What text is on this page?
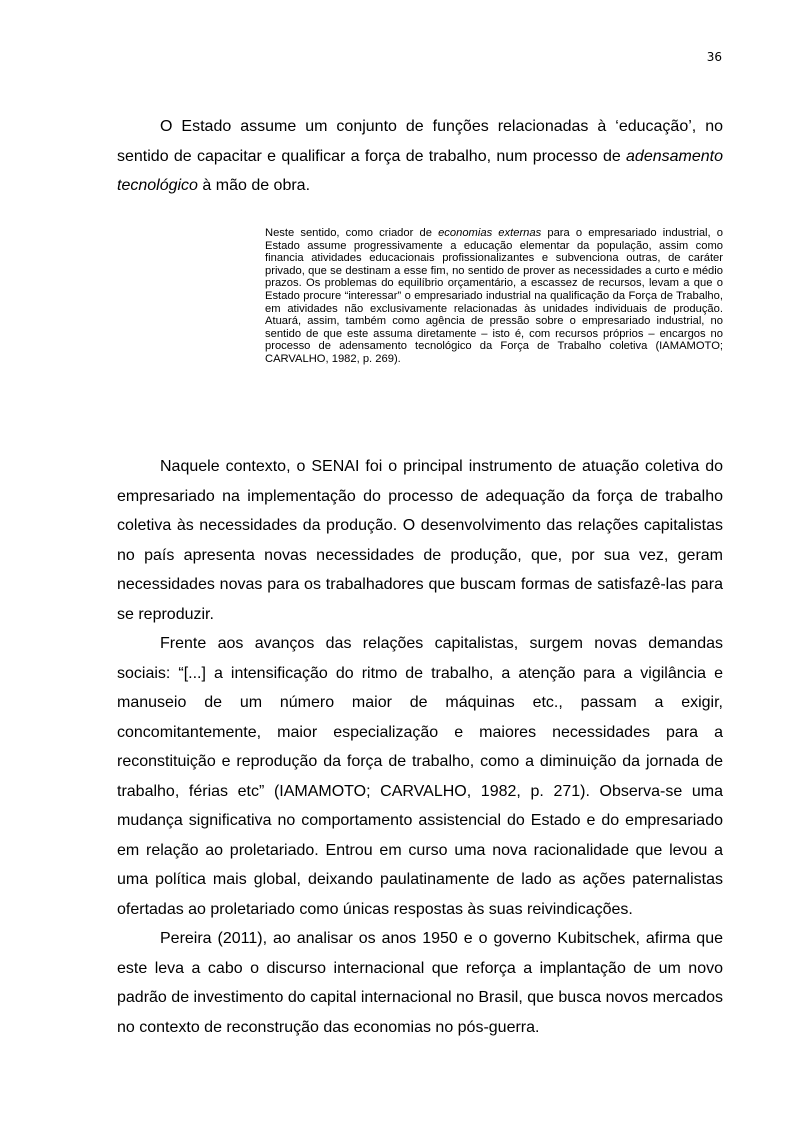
36

O Estado assume um conjunto de funções relacionadas à ‘educação’, no sentido de capacitar e qualificar a força de trabalho, num processo de adensamento tecnológico à mão de obra.

Neste sentido, como criador de economias externas para o empresariado industrial, o Estado assume progressivamente a educação elementar da população, assim como financia atividades educacionais profissionalizantes e subvenciona outras, de caráter privado, que se destinam a esse fim, no sentido de prover as necessidades a curto e médio prazos. Os problemas do equilíbrio orçamentário, a escassez de recursos, levam a que o Estado procure “interessar” o empresariado industrial na qualificação da Força de Trabalho, em atividades não exclusivamente relacionadas às unidades individuais de produção. Atuará, assim, também como agência de pressão sobre o empresariado industrial, no sentido de que este assuma diretamente – isto é, com recursos próprios – encargos no processo de adensamento tecnológico da Força de Trabalho coletiva (IAMAMOTO; CARVALHO, 1982, p. 269).

Naquele contexto, o SENAI foi o principal instrumento de atuação coletiva do empresariado na implementação do processo de adequação da força de trabalho coletiva às necessidades da produção. O desenvolvimento das relações capitalistas no país apresenta novas necessidades de produção, que, por sua vez, geram necessidades novas para os trabalhadores que buscam formas de satisfazê-las para se reproduzir.

Frente aos avanços das relações capitalistas, surgem novas demandas sociais: “[...] a intensificação do ritmo de trabalho, a atenção para a vigilância e manuseio de um número maior de máquinas etc., passam a exigir, concomitantemente, maior especialização e maiores necessidades para a reconstituição e reprodução da força de trabalho, como a diminuição da jornada de trabalho, férias etc” (IAMAMOTO; CARVALHO, 1982, p. 271). Observa-se uma mudança significativa no comportamento assistencial do Estado e do empresariado em relação ao proletariado. Entrou em curso uma nova racionalidade que levou a uma política mais global, deixando paulatinamente de lado as ações paternalistas ofertadas ao proletariado como únicas respostas às suas reivindicações.

Pereira (2011), ao analisar os anos 1950 e o governo Kubitschek, afirma que este leva a cabo o discurso internacional que reforça a implantação de um novo padrão de investimento do capital internacional no Brasil, que busca novos mercados no contexto de reconstrução das economias no pós-guerra.
